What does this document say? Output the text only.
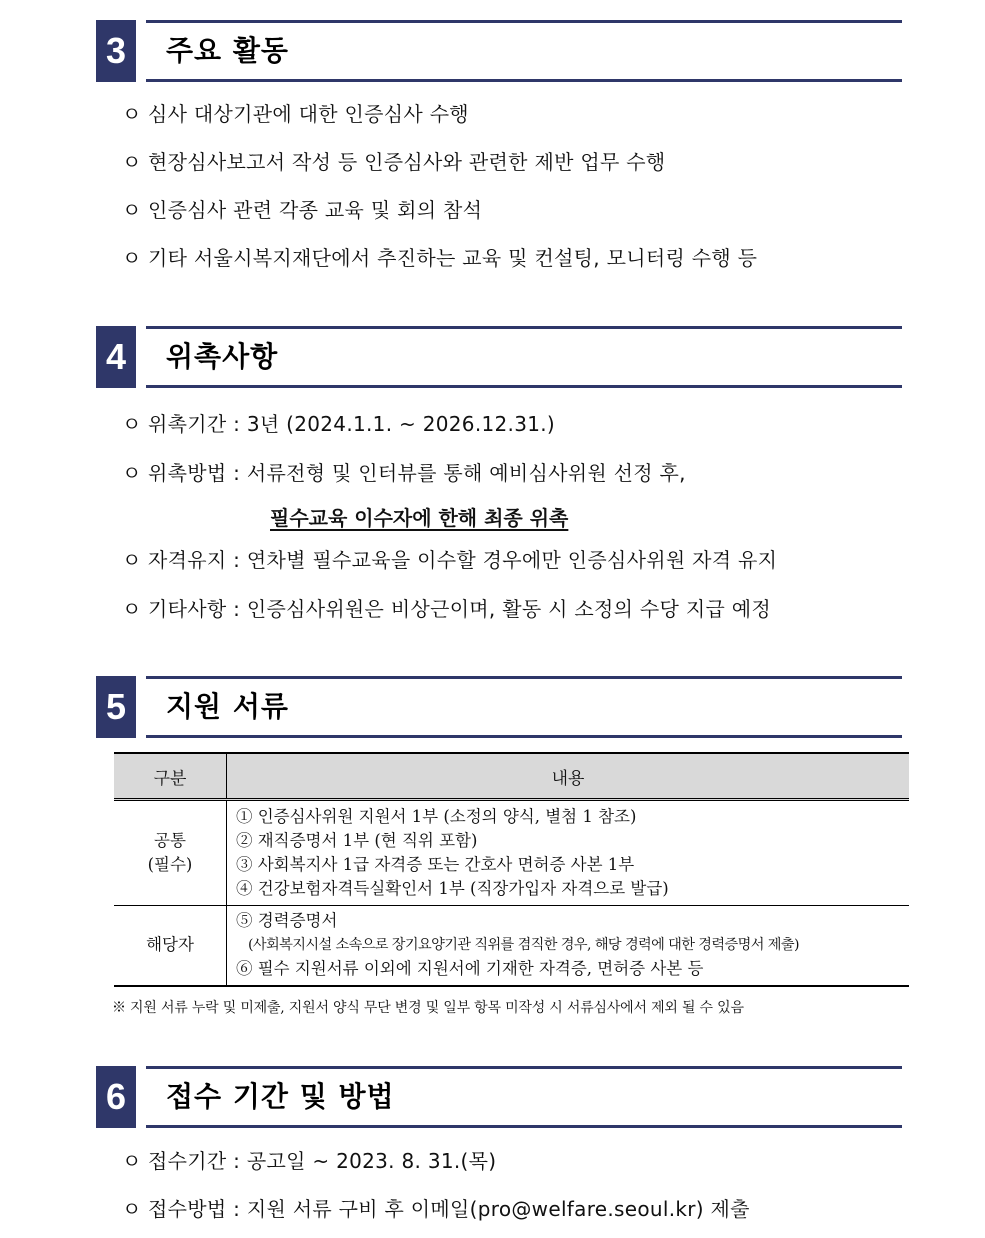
3	주요 활동
ㅇ 심사 대상기관에 대한 인증심사 수행
ㅇ 현장심사보고서 작성 등 인증심사와 관련한 제반 업무 수행
ㅇ 인증심사 관련 각종 교육 및 회의 참석
ㅇ 기타 서울시복지재단에서 추진하는 교육 및 컨설팅, 모니터링 수행 등
4	위촉사항
ㅇ 위촉기간 : 3년 (2024.1.1. ~ 2026.12.31.)
ㅇ 위촉방법 : 서류전형 및 인터뷰를 통해 예비심사위원 선정 후,
필수교육 이수자에 한해 최종 위촉
ㅇ 자격유지 : 연차별 필수교육을 이수할 경우에만 인증심사위원 자격 유지
ㅇ 기타사항 : 인증심사위원은 비상근이며, 활동 시 소정의 수당 지급 예정
5	지원 서류
구분	내용

공통
(필수)	① 인증심사위원 지원서 1부 (소정의 양식, 별첨 1 참조)
② 재직증명서 1부 (현 직위 포함)
③ 사회복지사 1급 자격증 또는 간호사 면허증 사본 1부
④ 건강보험자격득실확인서 1부 (직장가입자 자격으로 발급)

해당자	⑤ 경력증명서
(사회복지시설 소속으로 장기요양기관 직위를 겸직한 경우, 해당 경력에 대한 경력증명서 제출)
⑥ 필수 지원서류 이외에 지원서에 기재한 자격증, 면허증 사본 등
※ 지원 서류 누락 및 미제출, 지원서 양식 무단 변경 및 일부 항목 미작성 시 서류심사에서 제외 될 수 있음
6	접수 기간 및 방법
ㅇ 접수기간 : 공고일 ~ 2023. 8. 31.(목)
ㅇ 접수방법 : 지원 서류 구비 후 이메일(pro@welfare.seoul.kr) 제출
